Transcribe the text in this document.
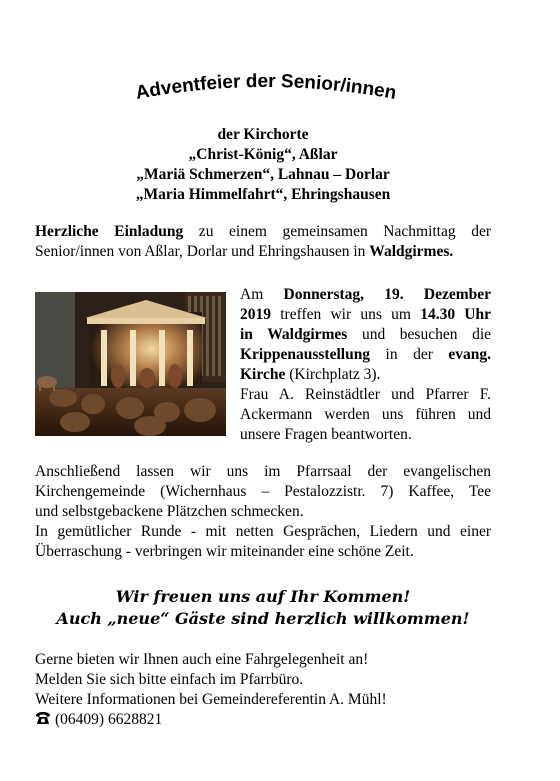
Adventfeier der Senior/innen
der Kirchorte
„Christ-König“, Aßlar
„Mariä Schmerzen“, Lahnau – Dorlar
„Maria Himmelfahrt“, Ehringshausen
Herzliche Einladung zu einem gemeinsamen Nachmittag der Senior/innen von Aßlar, Dorlar und Ehringshausen in Waldgirmes.
Am Donnerstag, 19. Dezember
2019 treffen wir uns um 14.30 Uhr
in Waldgirmes und besuchen die
Krippenausstellung in der evang.
Kirche (Kirchplatz 3).
Frau A. Reinstädtler und Pfarrer F.
Ackermann werden uns führen und
unsere Fragen beantworten.
Anschließend lassen wir uns im Pfarrsaal der evangelischen
Kirchengemeinde (Wichernhaus – Pestalozzistr. 7) Kaffee, Tee
und selbstgebackene Plätzchen schmecken.
In gemütlicher Runde - mit netten Gesprächen, Liedern und einer
Überraschung - verbringen wir miteinander eine schöne Zeit.
Wir freuen uns auf Ihr Kommen!
Auch „neue“ Gäste sind herzlich willkommen!
Gerne bieten wir Ihnen auch eine Fahrgelegenheit an!
Melden Sie sich bitte einfach im Pfarrbüro.
Weitere Informationen bei Gemeindereferentin A. Mühl!
(06409) 6628821
